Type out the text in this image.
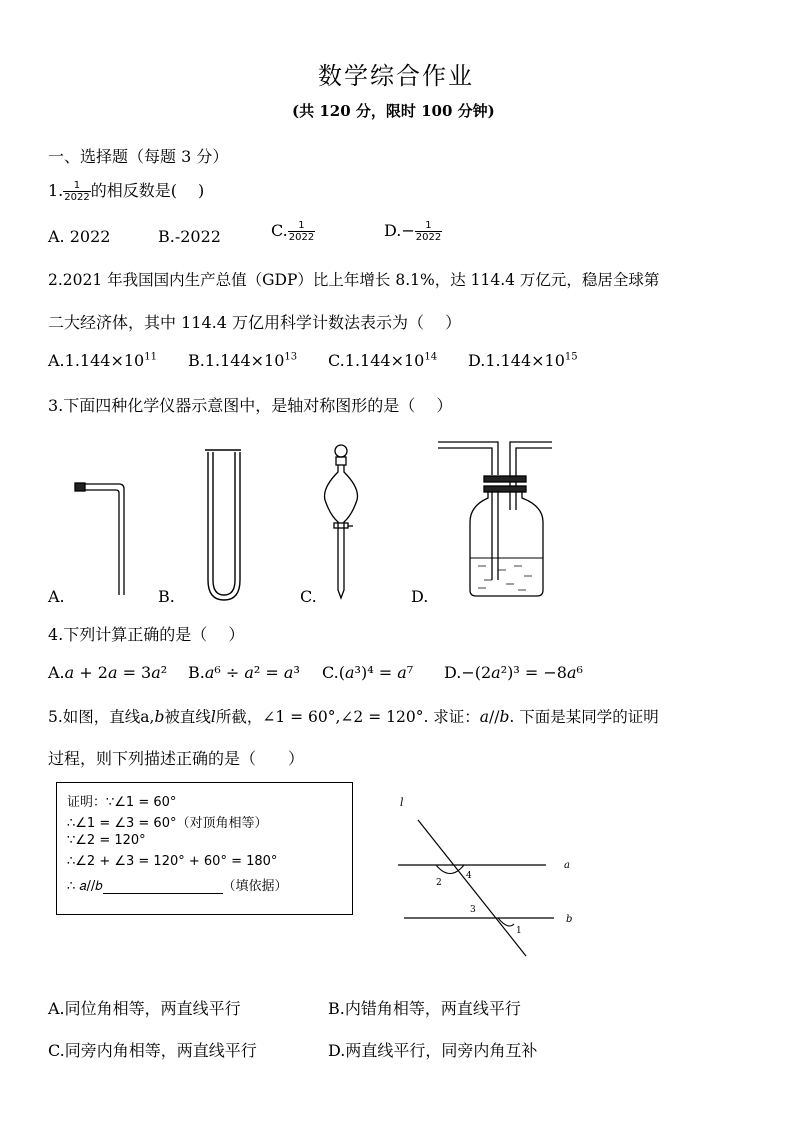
数学综合作业
(共 120 分，限时 100 分钟)
一、选择题（每题 3 分）
1. $\frac{1}{2022}$ 的相反数是(　 )
A. 2022	B.-2022	C. $\frac{1}{2022}$	$D.- \frac{1}{2022}$
2.2021 年我国国内生产总值（GDP）比上年增长 8.1%，达 114.4 万亿元，稳居全球第
二大经济体，其中 114.4 万亿用科学计数法表示为（　 ）
$A.1.144\times 10^{11}$ $B.1.144\times 10^{13}$ $C.1.144\times 10^{14}$ $D.1.144\times 10^{15}$
3.下面四种化学仪器示意图中，是轴对称图形的是（　 ）
A.	B.	C.	D.
4.下列计算正确的是（　 ）
A.𝑎 + 2𝑎 = 3𝑎² B.𝑎⁶ ÷ 𝑎² = 𝑎³ C.(𝑎³)⁴ = 𝑎⁷ D.−(2𝑎²)³ = −8𝑎⁶
5.如图，直线a,𝑏被直线𝑙所截，∠1 = 60°,∠2 = 120°. 求证：𝑎//𝑏. 下面是某同学的证明
过程，则下列描述正确的是（　　）
证明：∵∠1 = 60°
∴∠1 = ∠3 = 60°（对顶角相等）
∵∠2 = 120°
∴∠2 + ∠3 = 120° + 60° = 180°
∴ 𝑎//𝑏	（填依据）
l
a
b
1
2
3
4
A.同位角相等，两直线平行	B.内错角相等，两直线平行
C.同旁内角相等，两直线平行	D.两直线平行，同旁内角互补
